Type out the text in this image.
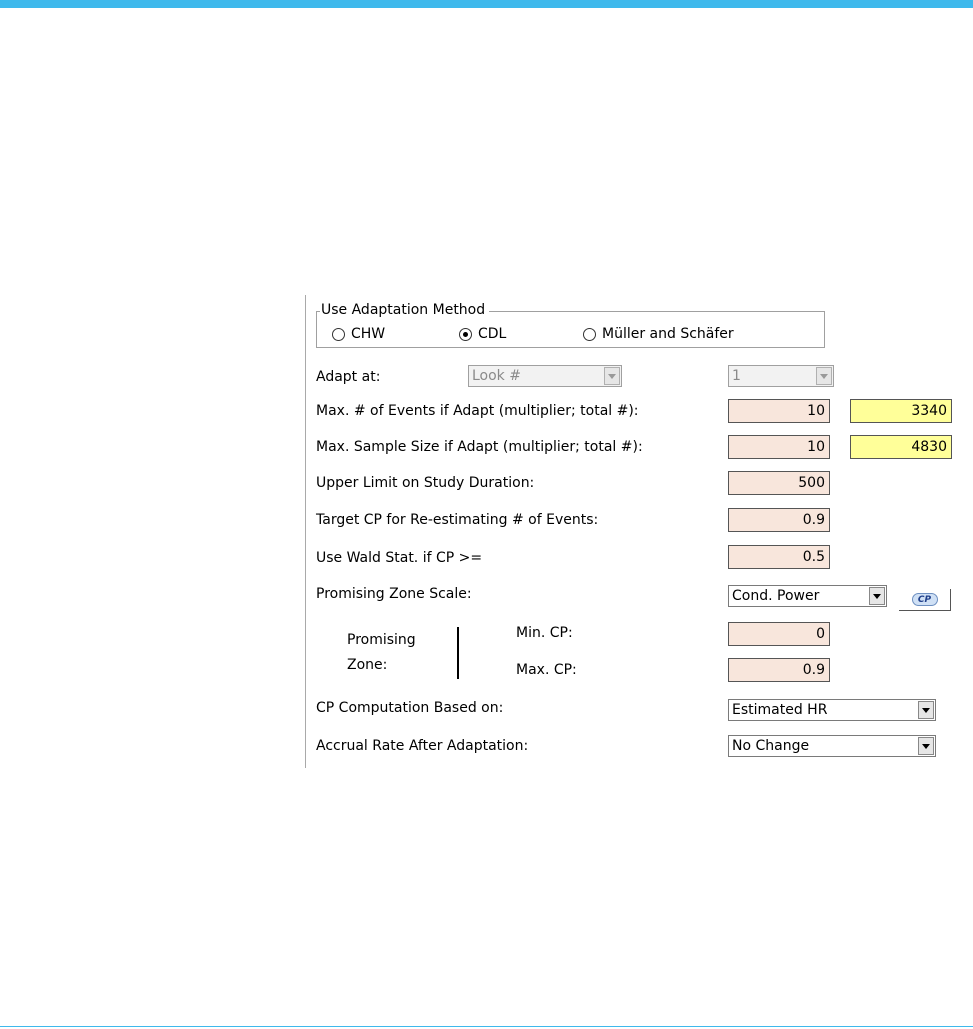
Use Adaptation Method
CHW	CDL	Müller and Schäfer
Adapt at:	Look #	1
Max. # of Events if Adapt (multiplier; total #):	10	3340
Max. Sample Size if Adapt (multiplier; total #):	10	4830
Upper Limit on Study Duration:	500
Target CP for Re-estimating # of Events:	0.9
Use Wald Stat. if CP >=	0.5
Promising Zone Scale:	Cond. Power	CP
Promising
Zone:
Min. CP:	0
Max. CP:	0.9
CP Computation Based on:	Estimated HR
Accrual Rate After Adaptation:	No Change
